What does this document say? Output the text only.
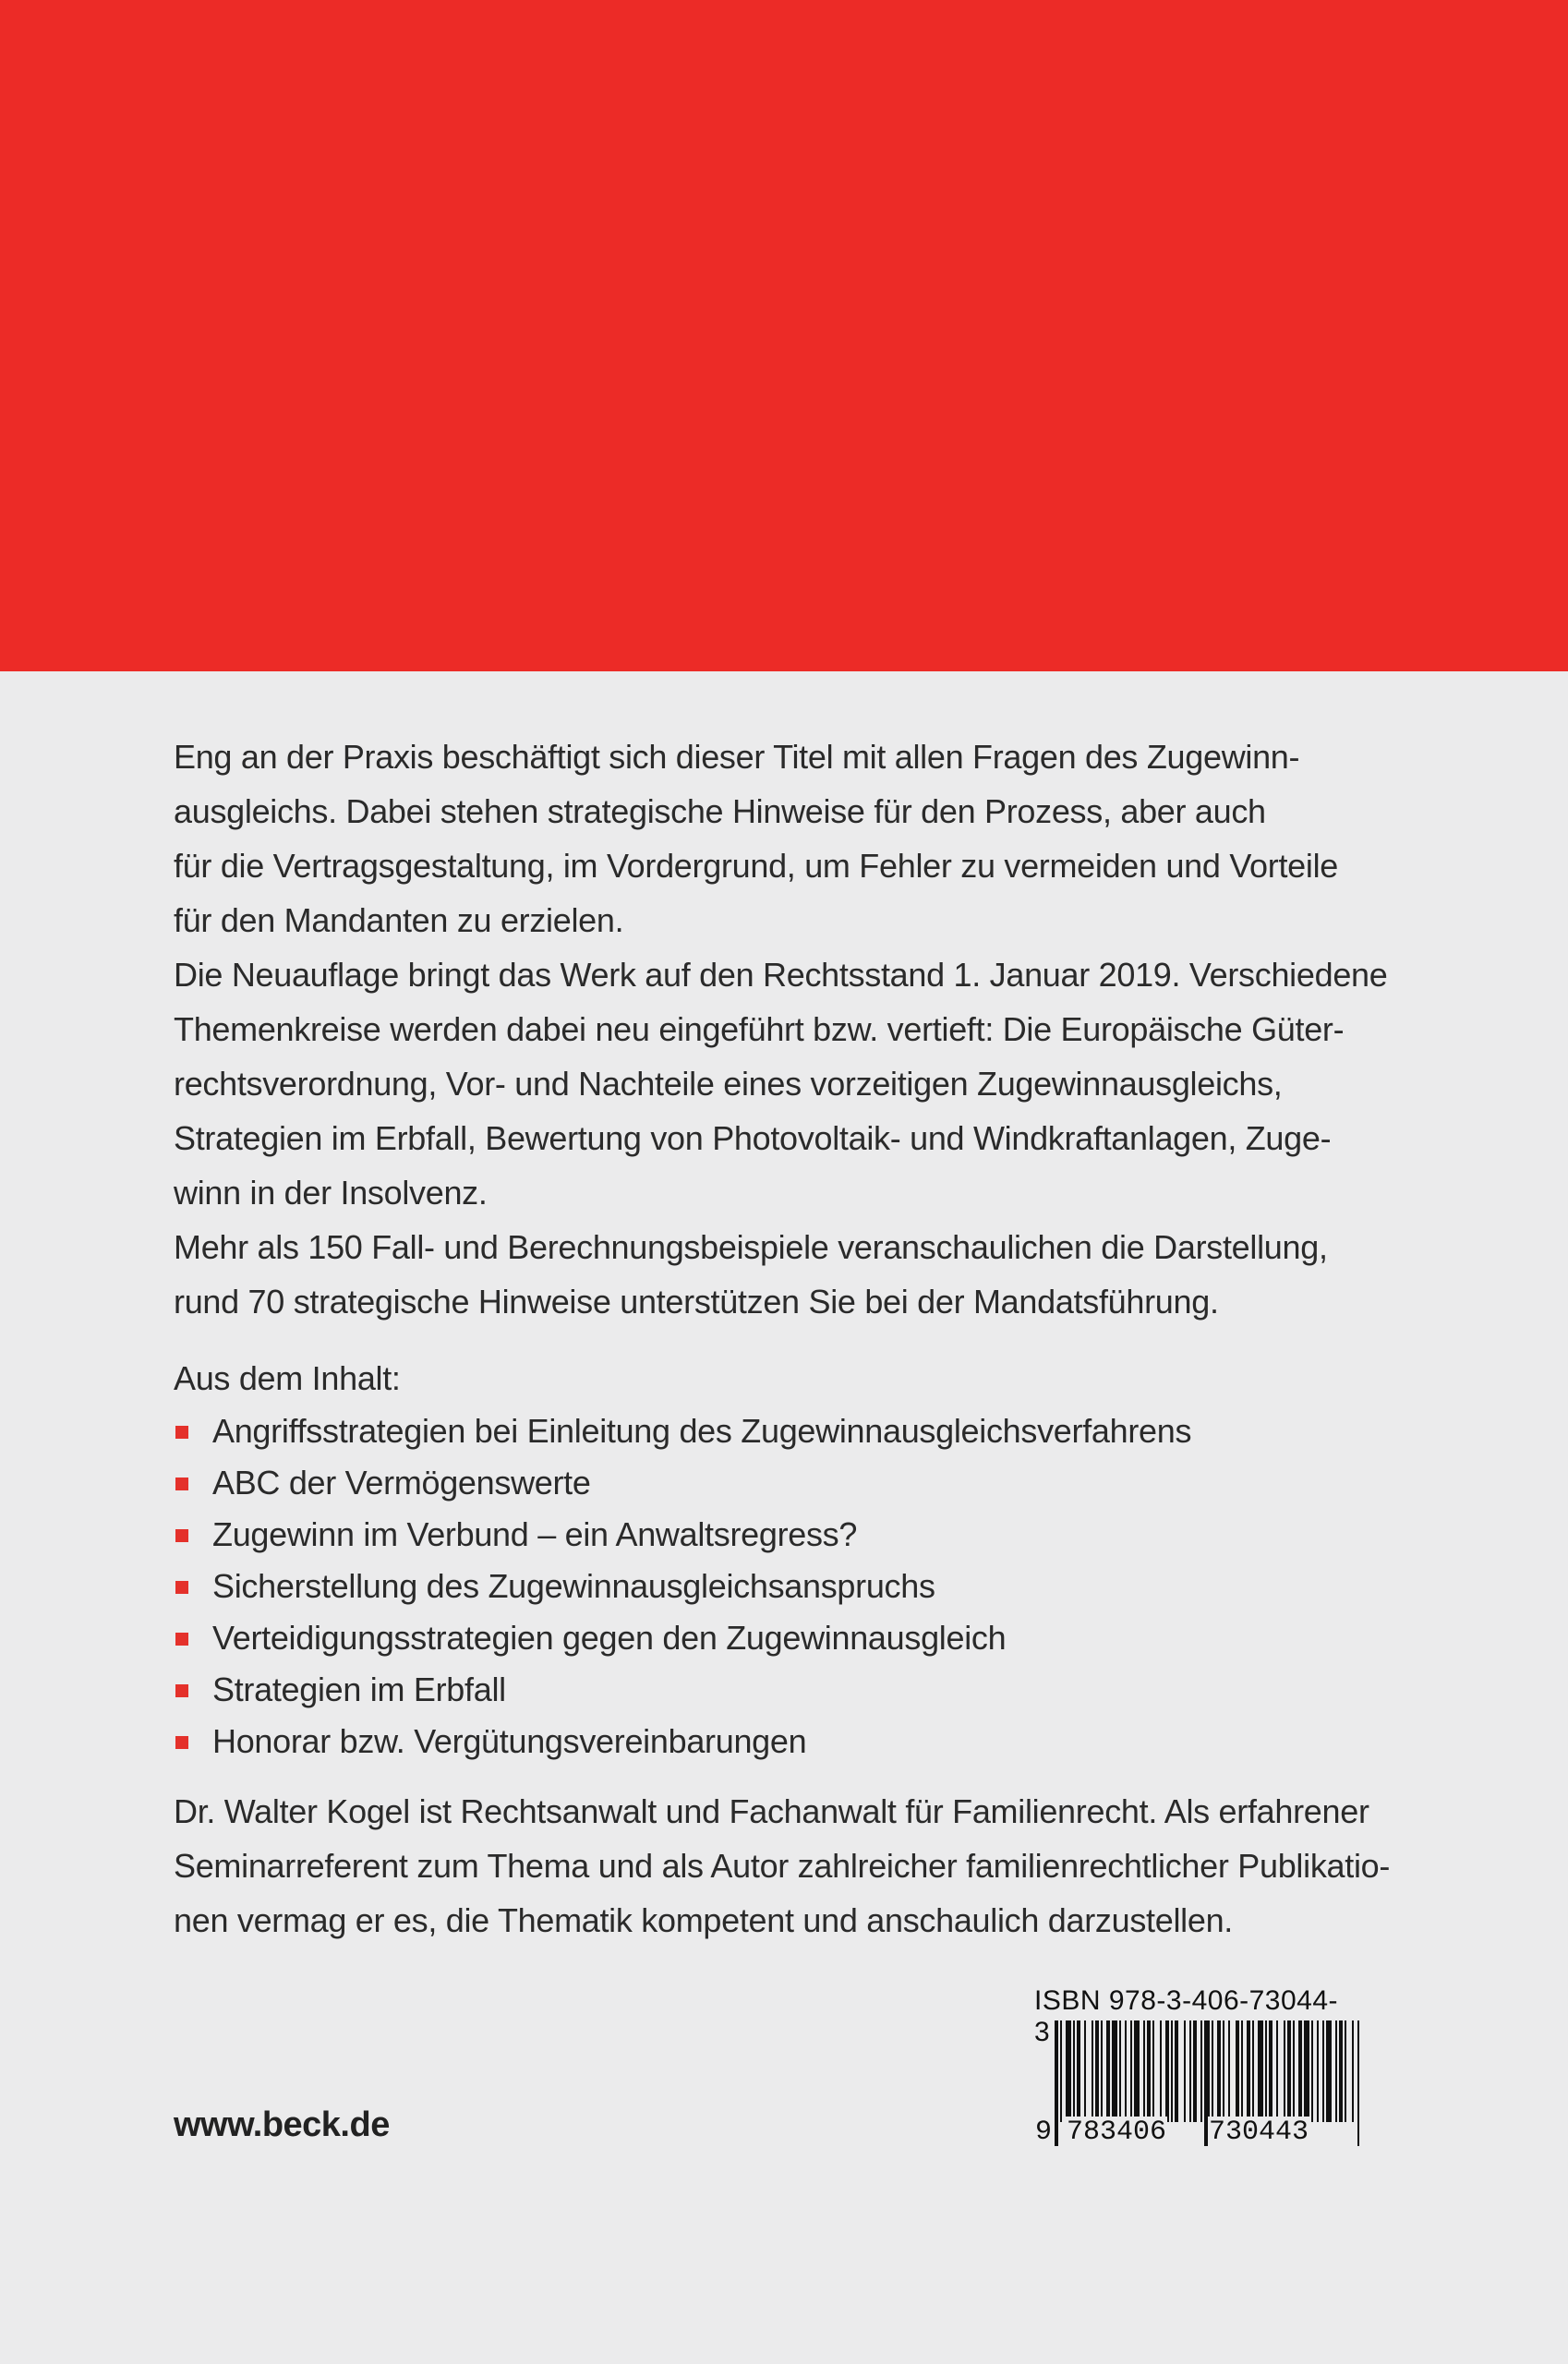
Eng an der Praxis beschäftigt sich dieser Titel mit allen Fragen des Zugewinn-

ausgleichs. Dabei stehen strategische Hinweise für den Prozess, aber auch

für die Vertragsgestaltung, im Vordergrund, um Fehler zu vermeiden und Vorteile

für den Mandanten zu erzielen.

Die Neuauflage bringt das Werk auf den Rechtsstand 1. Januar 2019. Verschiedene

Themenkreise werden dabei neu eingeführt bzw. vertieft: Die Europäische Güter-

rechtsverordnung, Vor- und Nachteile eines vorzeitigen Zugewinnausgleichs,

Strategien im Erbfall, Bewertung von Photovoltaik- und Windkraftanlagen, Zuge-

winn in der Insolvenz.

Mehr als 150 Fall- und Berechnungsbeispiele veranschaulichen die Darstellung,

rund 70 strategische Hinweise unterstützen Sie bei der Mandatsführung.

Aus dem Inhalt:

Angriffsstrategien bei Einleitung des Zugewinnausgleichsverfahrens
ABC der Vermögenswerte
Zugewinn im Verbund – ein Anwaltsregress?
Sicherstellung des Zugewinnausgleichsanspruchs
Verteidigungsstrategien gegen den Zugewinnausgleich
Strategien im Erbfall
Honorar bzw. Vergütungsvereinbarungen

Dr. Walter Kogel ist Rechtsanwalt und Fachanwalt für Familienrecht. Als erfahrener

Seminarreferent zum Thema und als Autor zahlreicher familienrechtlicher Publikatio-

nen vermag er es, die Thematik kompetent und anschaulich darzustellen.

ISBN 978-3-406-73044-3
9 783406 730443
www.beck.de
